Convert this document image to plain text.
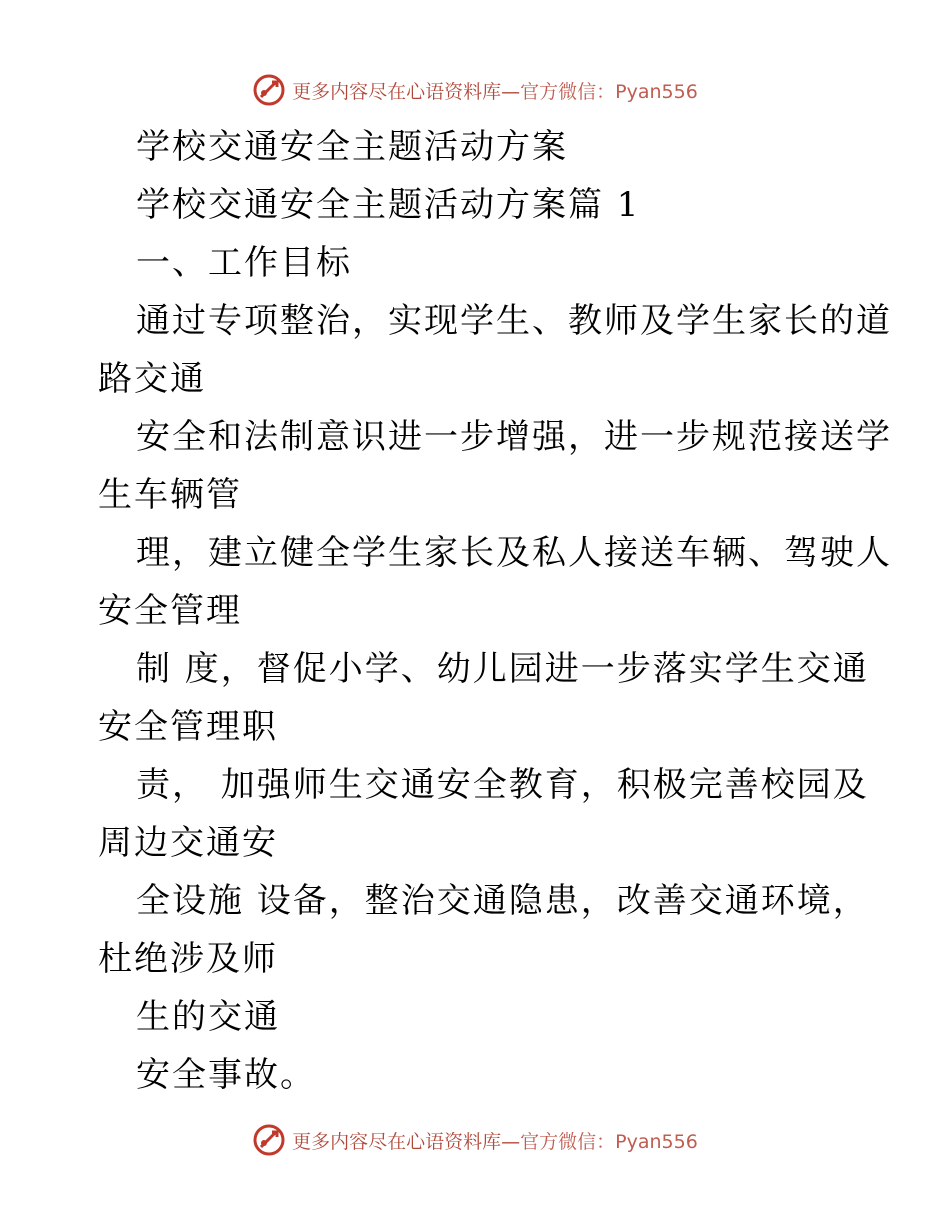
更多内容尽在心语资料库— 官方微信：Pyan556
学校交通安全主题活动方案
学校交通安全主题活动方案篇 1
一、工作目标
通过专项整治，实现学生、教师及学生家长的道
路交通
安全和法制意识进一步增强，进一步规范接送学
生车辆管
理，建立健全学生家长及私人接送车辆、驾驶人
安全管理
制 度，督促小学、幼儿园进一步落实学生交通
安全管理职
责， 加强师生交通安全教育，积极完善校园及
周边交通安
全设施 设备，整治交通隐患，改善交通环境，
杜绝涉及师
生的交通
安全事故。
更多内容尽在心语资料库— 官方微信：Pyan556
